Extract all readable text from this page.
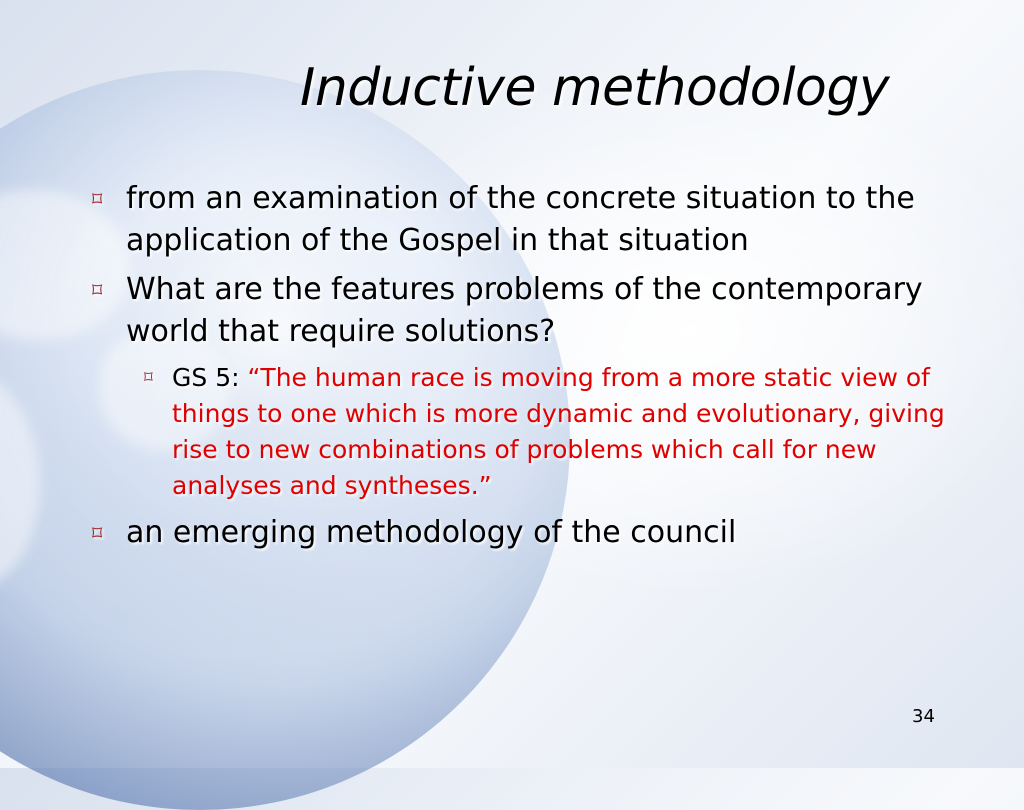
Inductive methodology
⌑ from an examination of the concrete situation to the application of the Gospel in that situation
⌑ What are the features problems of the contemporary world that require solutions?
⌑ GS 5: “The human race is moving from a more static view of things to one which is more dynamic and evolutionary, giving rise to new combinations of problems which call for new analyses and syntheses.”
⌑ an emerging methodology of the council
34
